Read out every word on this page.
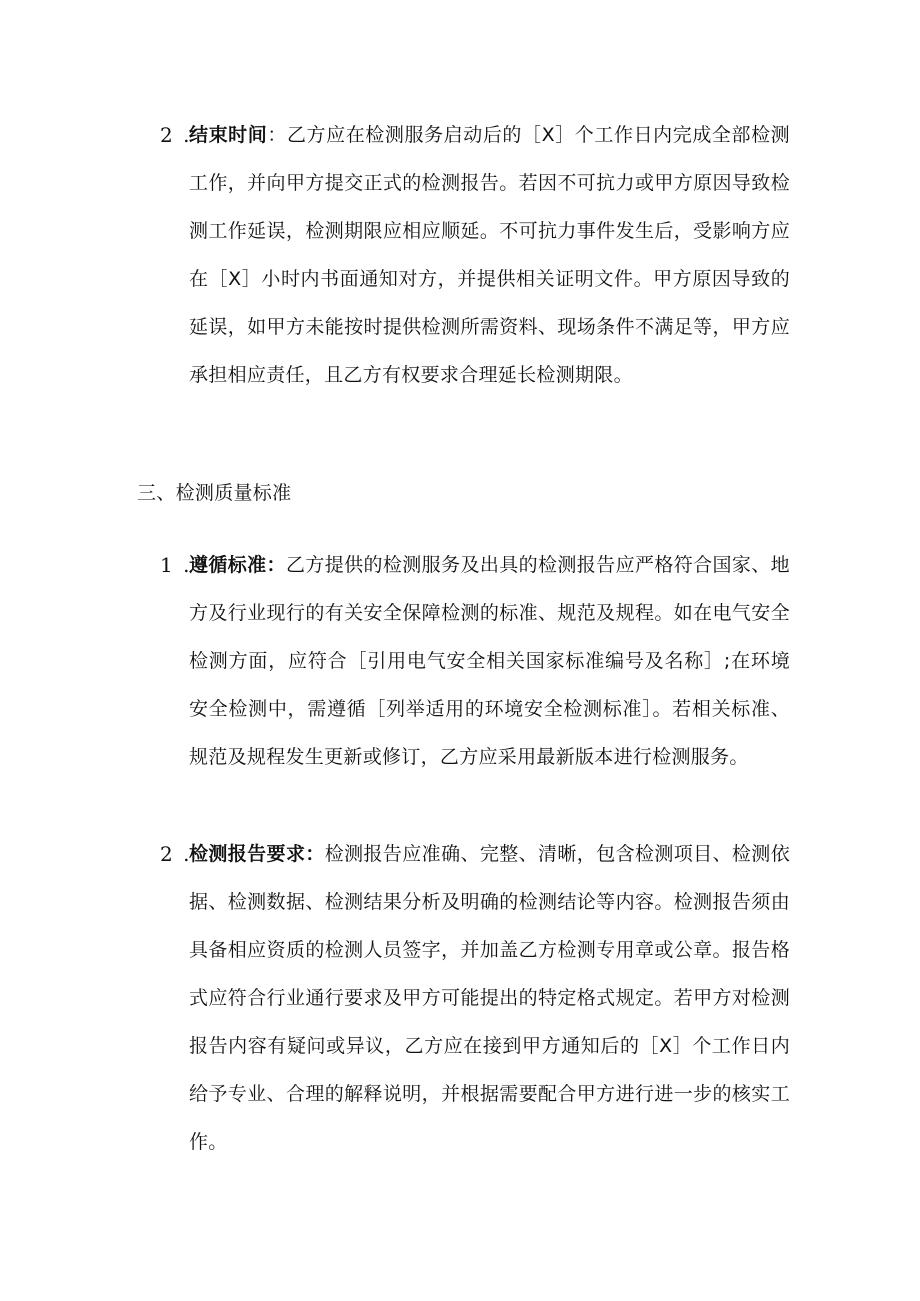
2 .
结束时间：乙方应在检测服务启动后的［X］个工作日内完成全部检测工作，并向甲方提交正式的检测报告。若因不可抗力或甲方原因导致检测工作延误，检测期限应相应顺延。不可抗力事件发生后，受影响方应在［X］小时内书面通知对方，并提供相关证明文件。甲方原因导致的延误，如甲方未能按时提供检测所需资料、现场条件不满足等，甲方应承担相应责任，且乙方有权要求合理延长检测期限。
三、检测质量标准
1 .
遵循标准：乙方提供的检测服务及出具的检测报告应严格符合国家、地方及行业现行的有关安全保障检测的标准、规范及规程。如在电气安全检测方面，应符合［引用电气安全相关国家标准编号及名称］;在环境安全检测中，需遵循［列举适用的环境安全检测标准］。若相关标准、规范及规程发生更新或修订，乙方应采用最新版本进行检测服务。
2 .
检测报告要求：检测报告应准确、完整、清晰，包含检测项目、检测依据、检测数据、检测结果分析及明确的检测结论等内容。检测报告须由具备相应资质的检测人员签字，并加盖乙方检测专用章或公章。报告格式应符合行业通行要求及甲方可能提出的特定格式规定。若甲方对检测报告内容有疑问或异议，乙方应在接到甲方通知后的［X］个工作日内给予专业、合理的解释说明，并根据需要配合甲方进行进一步的核实工作。
